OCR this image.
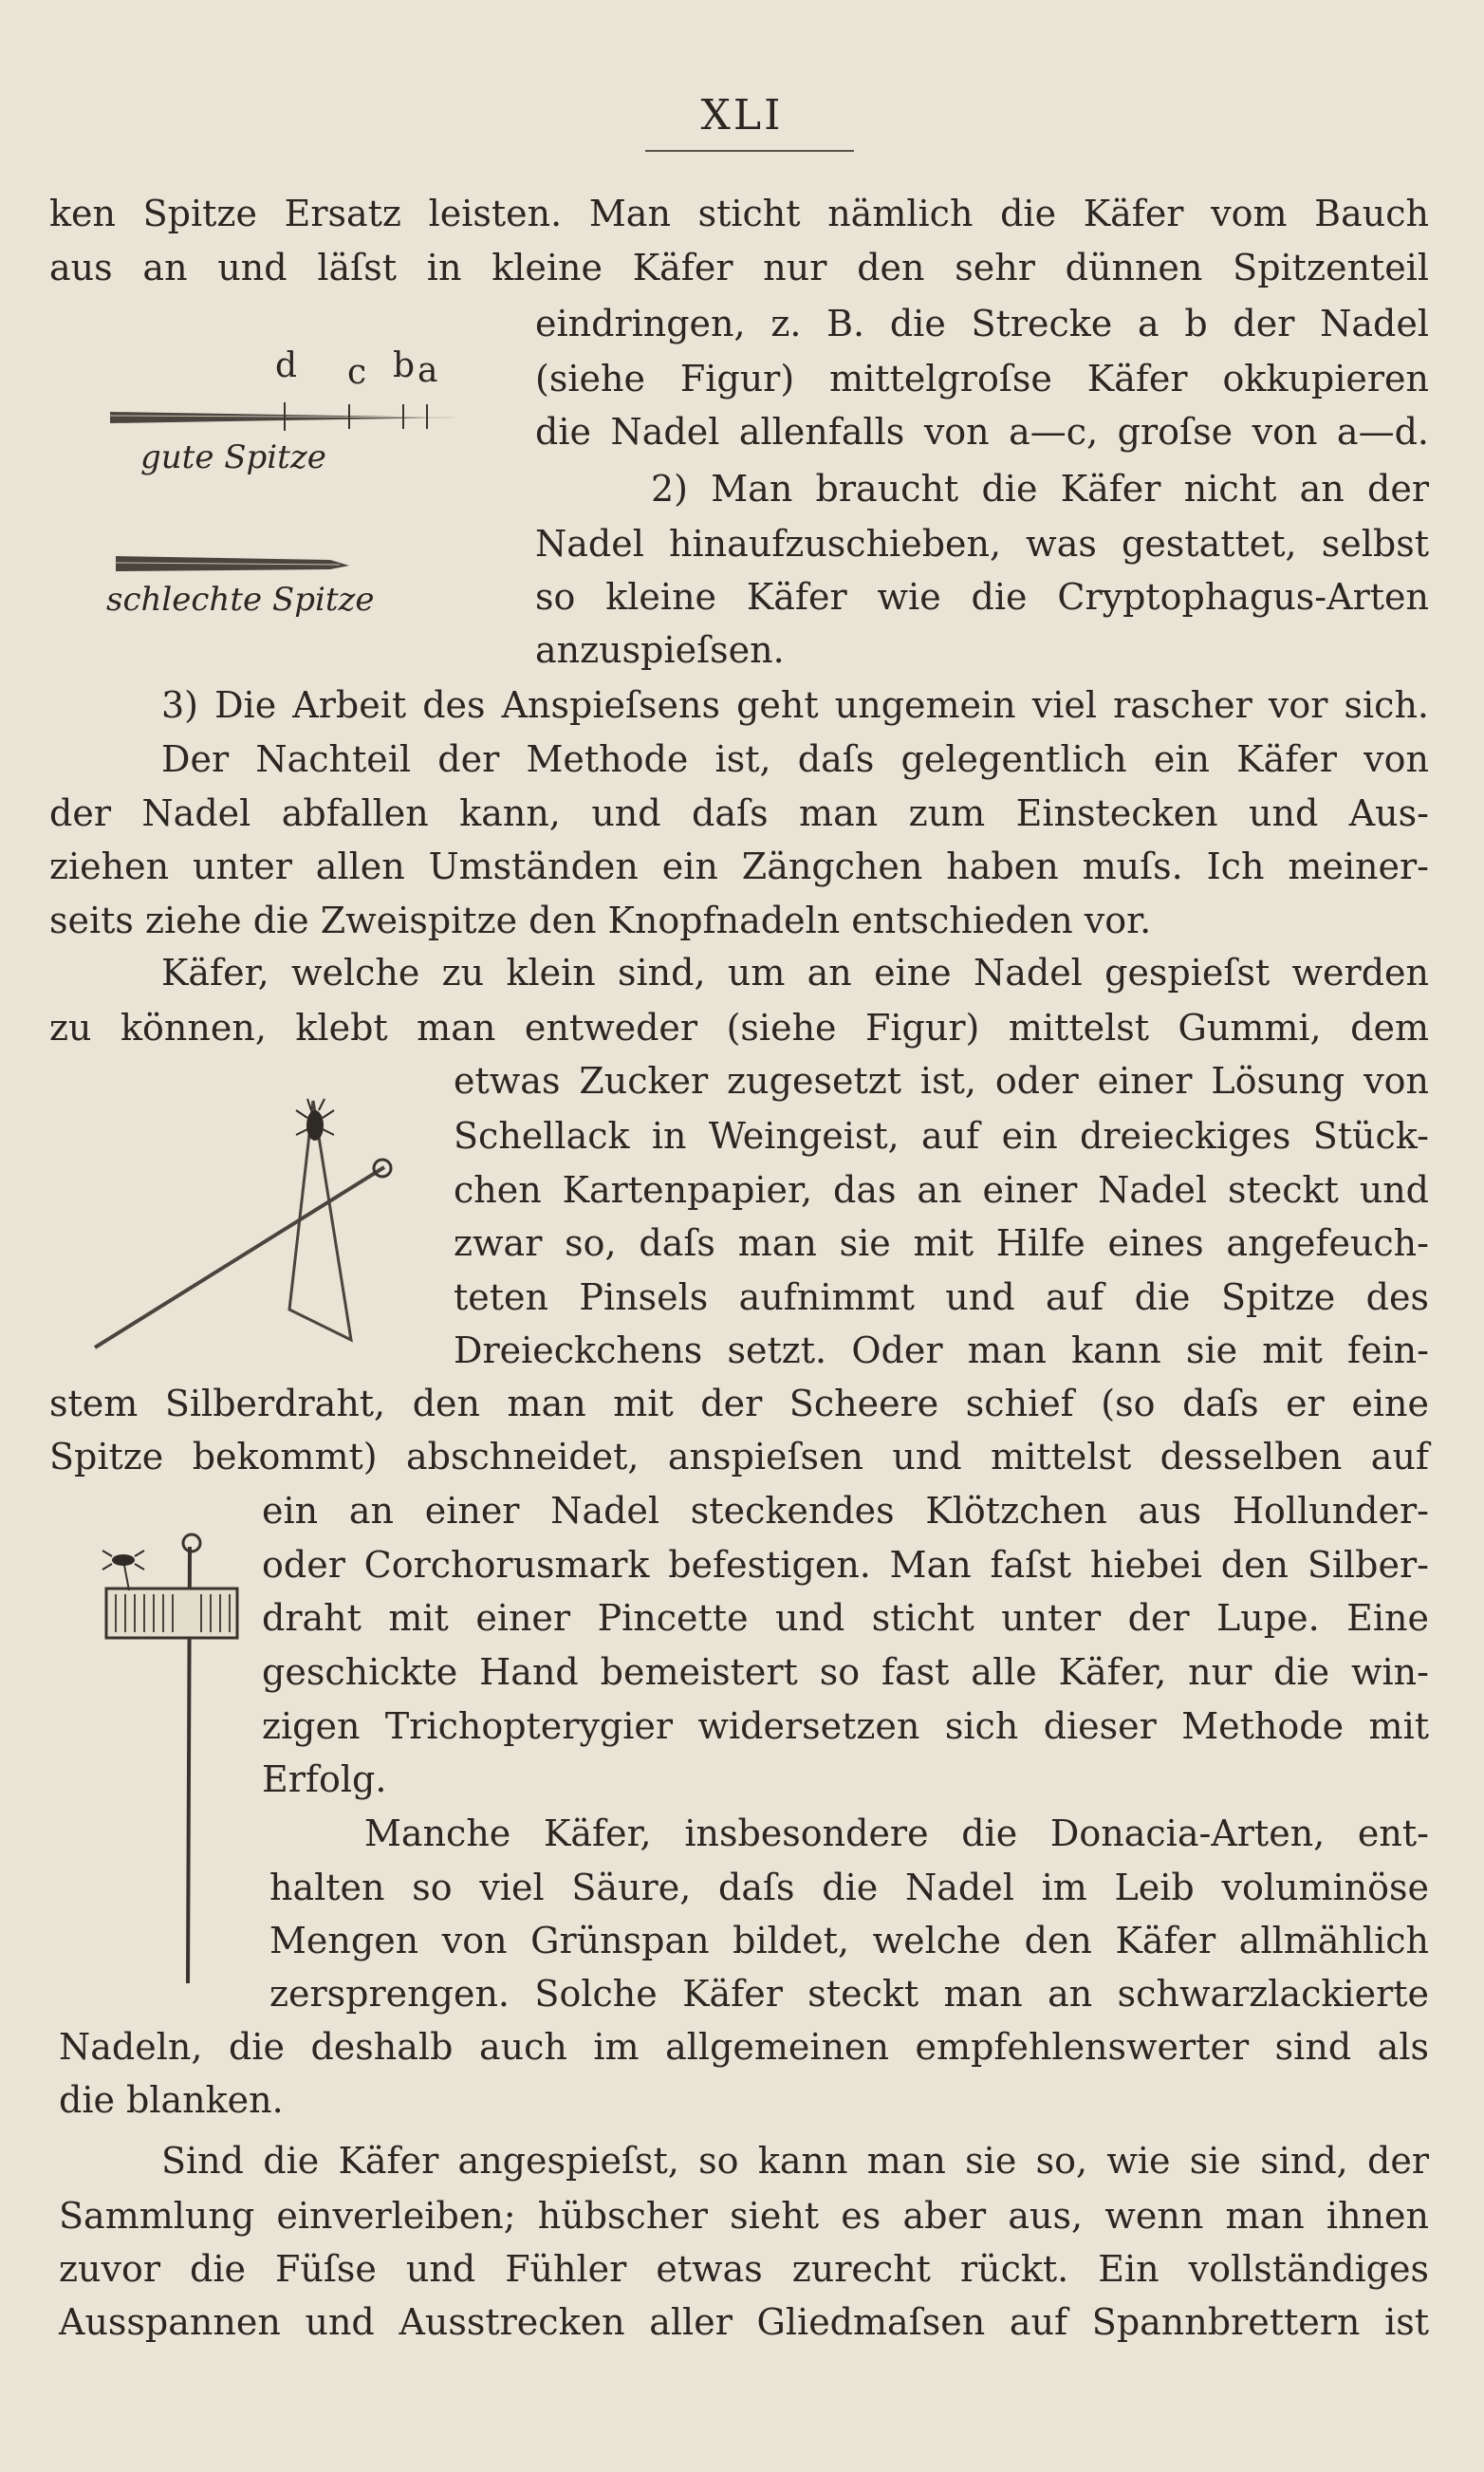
XLI
d c b a
gute Spitze
schlechte Spitze
ken Spitze Ersatz leisten. Man sticht nämlich die Käfer vom Bauch
aus an und läſst in kleine Käfer nur den sehr dünnen Spitzenteil
eindringen, z. B. die Strecke a b der Nadel
(siehe Figur) mittelgroſse Käfer okkupieren
die Nadel allenfalls von a—c, groſse von a—d.
2) Man braucht die Käfer nicht an der
Nadel hinaufzuschieben, was gestattet, selbst
so kleine Käfer wie die Cryptophagus-Arten
anzuspieſsen.
3) Die Arbeit des Anspieſsens geht ungemein viel rascher vor sich.
Der Nachteil der Methode ist, daſs gelegentlich ein Käfer von
der Nadel abfallen kann, und daſs man zum Einstecken und Aus-
ziehen unter allen Umständen ein Zängchen haben muſs. Ich meiner-
seits ziehe die Zweispitze den Knopfnadeln entschieden vor.
Käfer, welche zu klein sind, um an eine Nadel gespieſst werden
zu können, klebt man entweder (siehe Figur) mittelst Gummi, dem
etwas Zucker zugesetzt ist, oder einer Lösung von
Schellack in Weingeist, auf ein dreieckiges Stück-
chen Kartenpapier, das an einer Nadel steckt und
zwar so, daſs man sie mit Hilfe eines angefeuch-
teten Pinsels aufnimmt und auf die Spitze des
Dreieckchens setzt. Oder man kann sie mit fein-
stem Silberdraht, den man mit der Scheere schief (so daſs er eine
Spitze bekommt) abschneidet, anspieſsen und mittelst desselben auf
ein an einer Nadel steckendes Klötzchen aus Hollunder-
oder Corchorusmark befestigen. Man faſst hiebei den Silber-
draht mit einer Pincette und sticht unter der Lupe. Eine
geschickte Hand bemeistert so fast alle Käfer, nur die win-
zigen Trichopterygier widersetzen sich dieser Methode mit
Erfolg.
Manche Käfer, insbesondere die Donacia-Arten, ent-
halten so viel Säure, daſs die Nadel im Leib voluminöse
Mengen von Grünspan bildet, welche den Käfer allmählich
zersprengen. Solche Käfer steckt man an schwarzlackierte
Nadeln, die deshalb auch im allgemeinen empfehlenswerter sind als
die blanken.
Sind die Käfer angespieſst, so kann man sie so, wie sie sind, der
Sammlung einverleiben; hübscher sieht es aber aus, wenn man ihnen
zuvor die Füſse und Fühler etwas zurecht rückt. Ein vollständiges
Ausspannen und Ausstrecken aller Gliedmaſsen auf Spannbrettern ist
